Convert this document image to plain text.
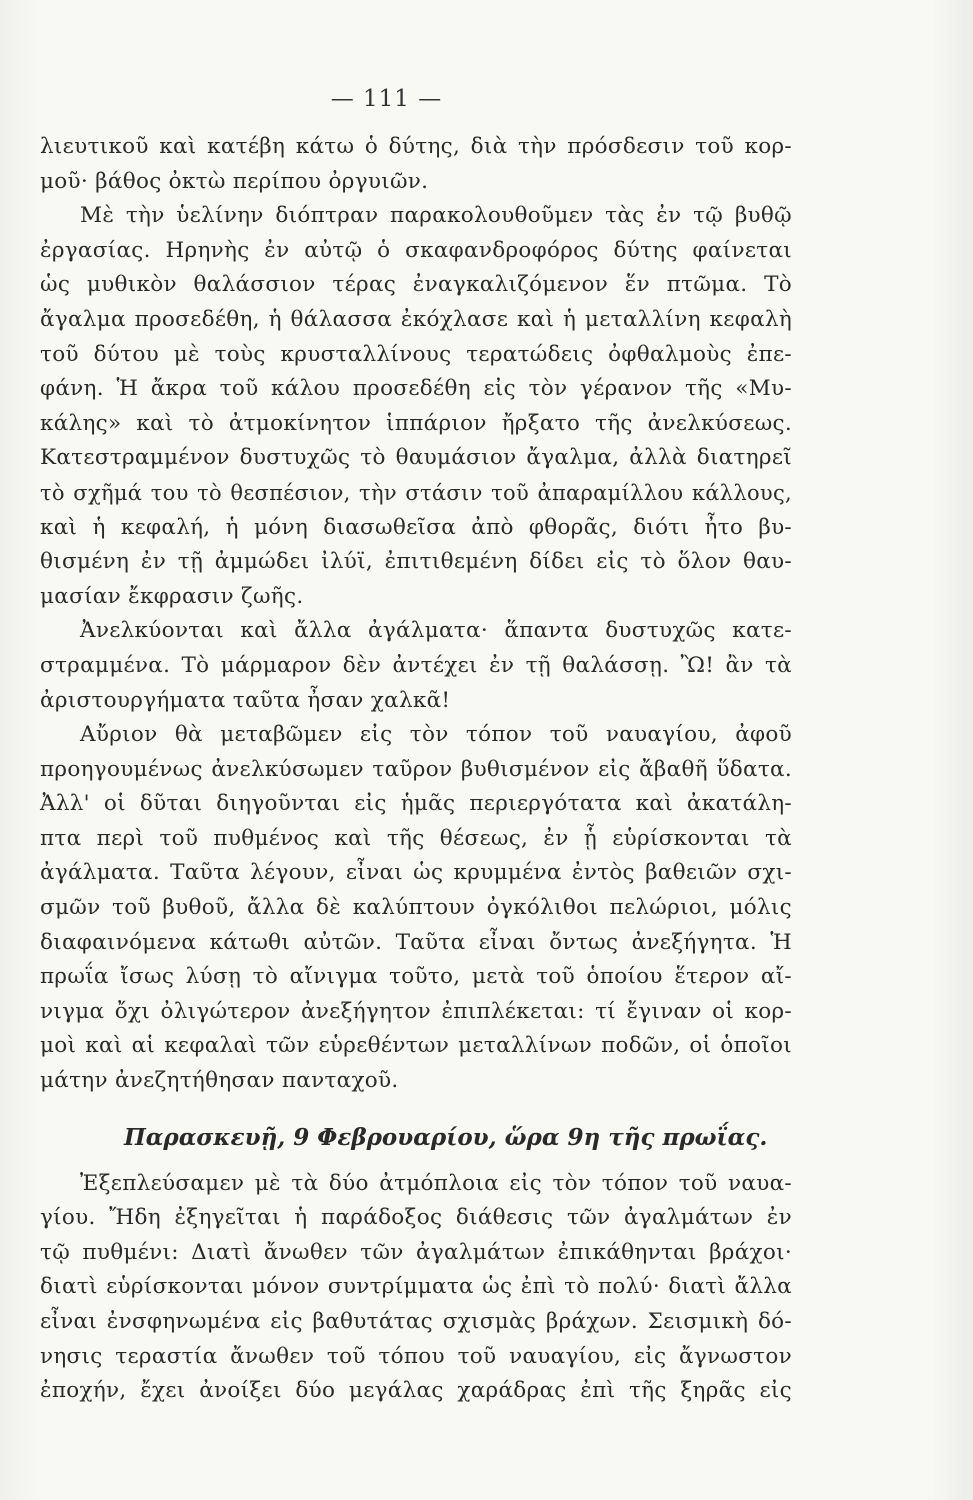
— 111 —
λιευτικοῦ καὶ κατέβη κάτω ὁ δύτης, διὰ τὴν πρόσδεσιν τοῦ κορ-
μοῦ· βάθος ὀκτὼ περίπου ὀργυιῶν.
Μὲ τὴν ὑελίνην διόπτραν παρακολουθοῦμεν τὰς ἐν τῷ βυθῷ
ἐργασίας. Ηρηνὴς ἐν αὐτῷ ὁ σκαφανδροφόρος δύτης φαίνεται
ὡς μυθικὸν θαλάσσιον τέρας ἐναγκαλιζόμενον ἕν πτῶμα. Τὸ
ἄγαλμα προσεδέθη, ἡ θάλασσα ἐκόχλασε καὶ ἡ μεταλλίνη κεφαλὴ
τοῦ δύτου μὲ τοὺς κρυσταλλίνους τερατώδεις ὀφθαλμοὺς ἐπε-
φάνη. Ἡ ἄκρα τοῦ κάλου προσεδέθη εἰς τὸν γέρανον τῆς «Μυ-
κάλης» καὶ τὸ ἀτμοκίνητον ἱππάριον ἤρξατο τῆς ἀνελκύσεως.
Κατεστραμμένον δυστυχῶς τὸ θαυμάσιον ἄγαλμα, ἀλλὰ διατηρεῖ
τὸ σχῆμά του τὸ θεσπέσιον, τὴν στάσιν τοῦ ἀπαραμίλλου κάλλους,
καὶ ἡ κεφαλή, ἡ μόνη διασωθεῖσα ἀπὸ φθορᾶς, διότι ἦτο βυ-
θισμένη ἐν τῇ ἀμμώδει ἰλύϊ, ἐπιτιθεμένη δίδει εἰς τὸ ὅλον θαυ-
μασίαν ἔκφρασιν ζωῆς.
Ἀνελκύονται καὶ ἄλλα ἀγάλματα· ἅπαντα δυστυχῶς κατε-
στραμμένα. Τὸ μάρμαρον δὲν ἀντέχει ἐν τῇ θαλάσσῃ. Ὢ! ἂν τὰ
ἀριστουργήματα ταῦτα ἦσαν χαλκᾶ!
Αὔριον θὰ μεταβῶμεν εἰς τὸν τόπον τοῦ ναυαγίου, ἀφοῦ
προηγουμένως ἀνελκύσωμεν ταῦρον βυθισμένον εἰς ἄβαθῆ ὕδατα.
Ἀλλ' οἱ δῦται διηγοῦνται εἰς ἡμᾶς περιεργότατα καὶ ἀκατάλη-
πτα περὶ τοῦ πυθμένος καὶ τῆς θέσεως, ἐν ᾗ εὑρίσκονται τὰ
ἀγάλματα. Ταῦτα λέγουν, εἶναι ὡς κρυμμένα ἐντὸς βαθειῶν σχι-
σμῶν τοῦ βυθοῦ, ἄλλα δὲ καλύπτουν ὀγκόλιθοι πελώριοι, μόλις
διαφαινόμενα κάτωθι αὐτῶν. Ταῦτα εἶναι ὄντως ἀνεξήγητα. Ἡ
πρωΐα ἴσως λύσῃ τὸ αἴνιγμα τοῦτο, μετὰ τοῦ ὁποίου ἕτερον αἴ-
νιγμα ὄχι ὀλιγώτερον ἀνεξήγητον ἐπιπλέκεται: τί ἔγιναν οἱ κορ-
μοὶ καὶ αἱ κεφαλαὶ τῶν εὑρεθέντων μεταλλίνων ποδῶν, οἱ ὁποῖοι
μάτην ἀνεζητήθησαν πανταχοῦ.
Παρασκευῇ, 9 Φεβρουαρίου, ὥρα 9η τῆς πρωΐας.
Ἐξεπλεύσαμεν μὲ τὰ δύο ἀτμόπλοια εἰς τὸν τόπον τοῦ ναυα-
γίου. Ἤδη ἐξηγεῖται ἡ παράδοξος διάθεσις τῶν ἀγαλμάτων ἐν
τῷ πυθμένι: Διατὶ ἄνωθεν τῶν ἀγαλμάτων ἐπικάθηνται βράχοι·
διατὶ εὑρίσκονται μόνον συντρίμματα ὡς ἐπὶ τὸ πολύ· διατὶ ἄλλα
εἶναι ἐνσφηνωμένα εἰς βαθυτάτας σχισμὰς βράχων. Σεισμικὴ δό-
νησις τεραστία ἄνωθεν τοῦ τόπου τοῦ ναυαγίου, εἰς ἄγνωστον
ἐποχήν, ἔχει ἀνοίξει δύο μεγάλας χαράδρας ἐπὶ τῆς ξηρᾶς εἰς
